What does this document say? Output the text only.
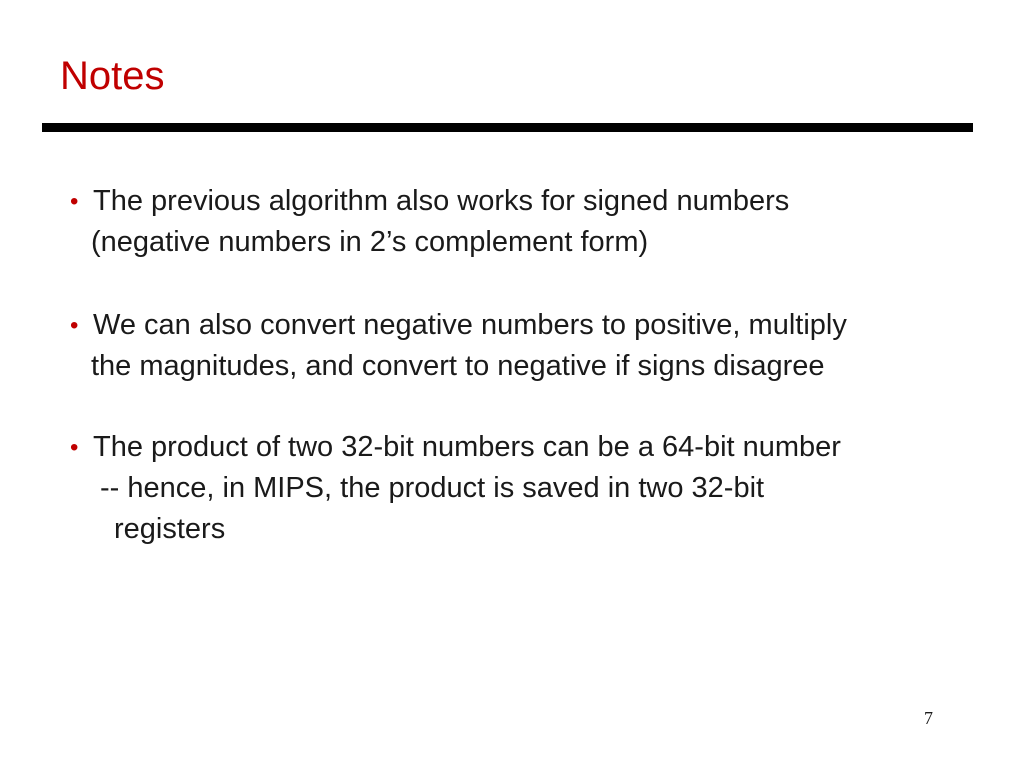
Notes
• The previous algorithm also works for signed numbers
(negative numbers in 2’s complement form)
• We can also convert negative numbers to positive, multiply
the magnitudes, and convert to negative if signs disagree
• The product of two 32-bit numbers can be a 64-bit number
-- hence, in MIPS, the product is saved in two 32-bit
registers
7
